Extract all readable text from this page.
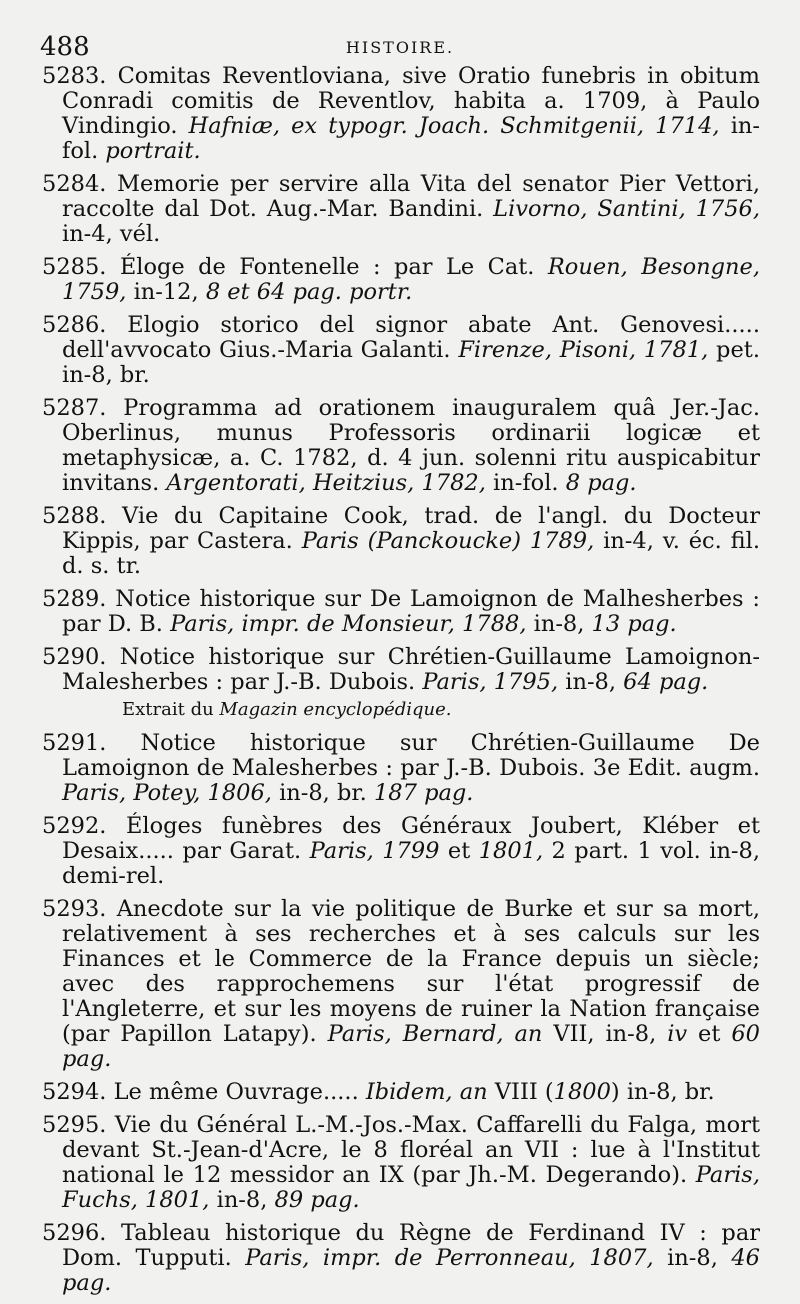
488	HISTOIRE.
5283. Comitas Reventloviana, sive Oratio funebris in obitum Conradi comitis de Reventlov, habita a. 1709, à Paulo Vindingio. Hafniæ, ex typogr. Joach. Schmitgenii, 1714, in-fol. portrait.
5284. Memorie per servire alla Vita del senator Pier Vettori, raccolte dal Dot. Aug.-Mar. Bandini. Livorno, Santini, 1756, in-4, vél.
5285. Éloge de Fontenelle : par Le Cat. Rouen, Besongne, 1759, in-12, 8 et 64 pag. portr.
5286. Elogio storico del signor abate Ant. Genovesi..... dell'avvocato Gius.-Maria Galanti. Firenze, Pisoni, 1781, pet. in-8, br.
5287. Programma ad orationem inauguralem quâ Jer.-Jac. Oberlinus, munus Professoris ordinarii logicæ et metaphysicæ, a. C. 1782, d. 4 jun. solenni ritu auspicabitur invitans. Argentorati, Heitzius, 1782, in-fol. 8 pag.
5288. Vie du Capitaine Cook, trad. de l'angl. du Docteur Kippis, par Castera. Paris (Panckoucke) 1789, in-4, v. éc. fil. d. s. tr.
5289. Notice historique sur De Lamoignon de Malhesherbes : par D. B. Paris, impr. de Monsieur, 1788, in-8, 13 pag.
5290. Notice historique sur Chrétien-Guillaume Lamoignon-Malesherbes : par J.-B. Dubois. Paris, 1795, in-8, 64 pag.
Extrait du Magazin encyclopédique.
5291. Notice historique sur Chrétien-Guillaume De Lamoignon de Malesherbes : par J.-B. Dubois. 3e Edit. augm. Paris, Potey, 1806, in-8, br. 187 pag.
5292. Éloges funèbres des Généraux Joubert, Kléber et Desaix..... par Garat. Paris, 1799 et 1801, 2 part. 1 vol. in-8, demi-rel.
5293. Anecdote sur la vie politique de Burke et sur sa mort, relativement à ses recherches et à ses calculs sur les Finances et le Commerce de la France depuis un siècle; avec des rapprochemens sur l'état progressif de l'Angleterre, et sur les moyens de ruiner la Nation française (par Papillon Latapy). Paris, Bernard, an VII, in-8, iv et 60 pag.
5294. Le même Ouvrage..... Ibidem, an VIII (1800) in-8, br.
5295. Vie du Général L.-M.-Jos.-Max. Caffarelli du Falga, mort devant St.-Jean-d'Acre, le 8 floréal an VII : lue à l'Institut national le 12 messidor an IX (par Jh.-M. Degerando). Paris, Fuchs, 1801, in-8, 89 pag.
5296. Tableau historique du Règne de Ferdinand IV : par Dom. Tupputi. Paris, impr. de Perronneau, 1807, in-8, 46 pag.
